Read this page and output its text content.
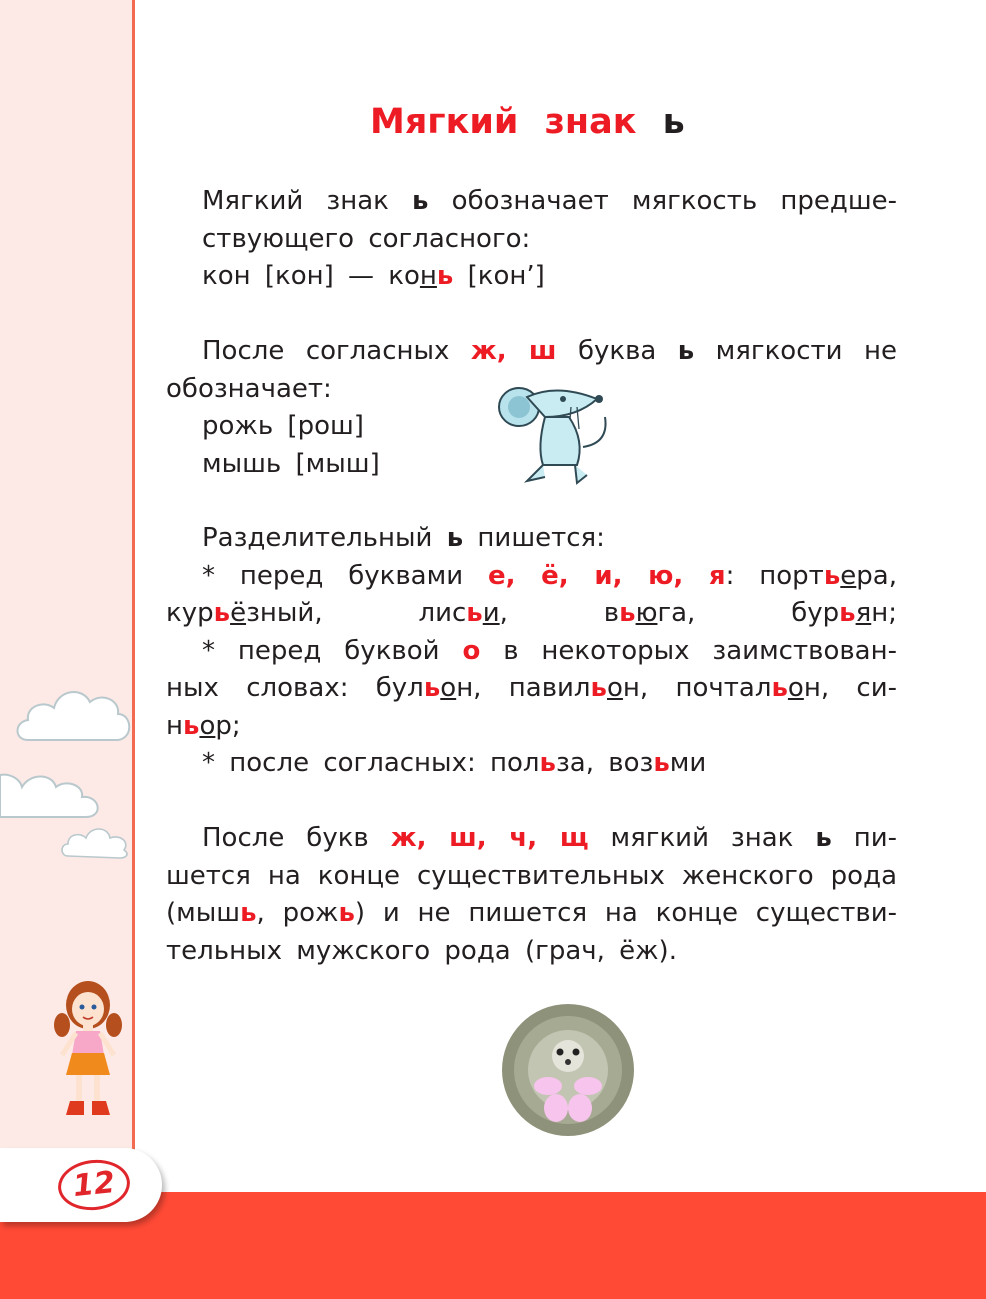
12
Мягкий знак ь

Мягкий знак ь обозначает мягкость предше-

ствующего согласного:

кон [кон] — конь [кон’]

После согласных ж, ш буква ь мягкости не

обозначает:

рожь [рош]

мышь [мыш]

Разделительный ь пишется:

* перед буквами е, ё, и, ю, я: портьера,

курьёзный, лисьи, вьюга, бурьян;

* перед буквой о в некоторых заимствован-

ных словах: бульон, павильон, почтальон, си-

ньор;

* после согласных: польза, возьми

После букв ж, ш, ч, щ мягкий знак ь пи-

шется на конце существительных женского рода

(мышь, рожь) и не пишется на конце существи-

тельных мужского рода (грач, ёж).
